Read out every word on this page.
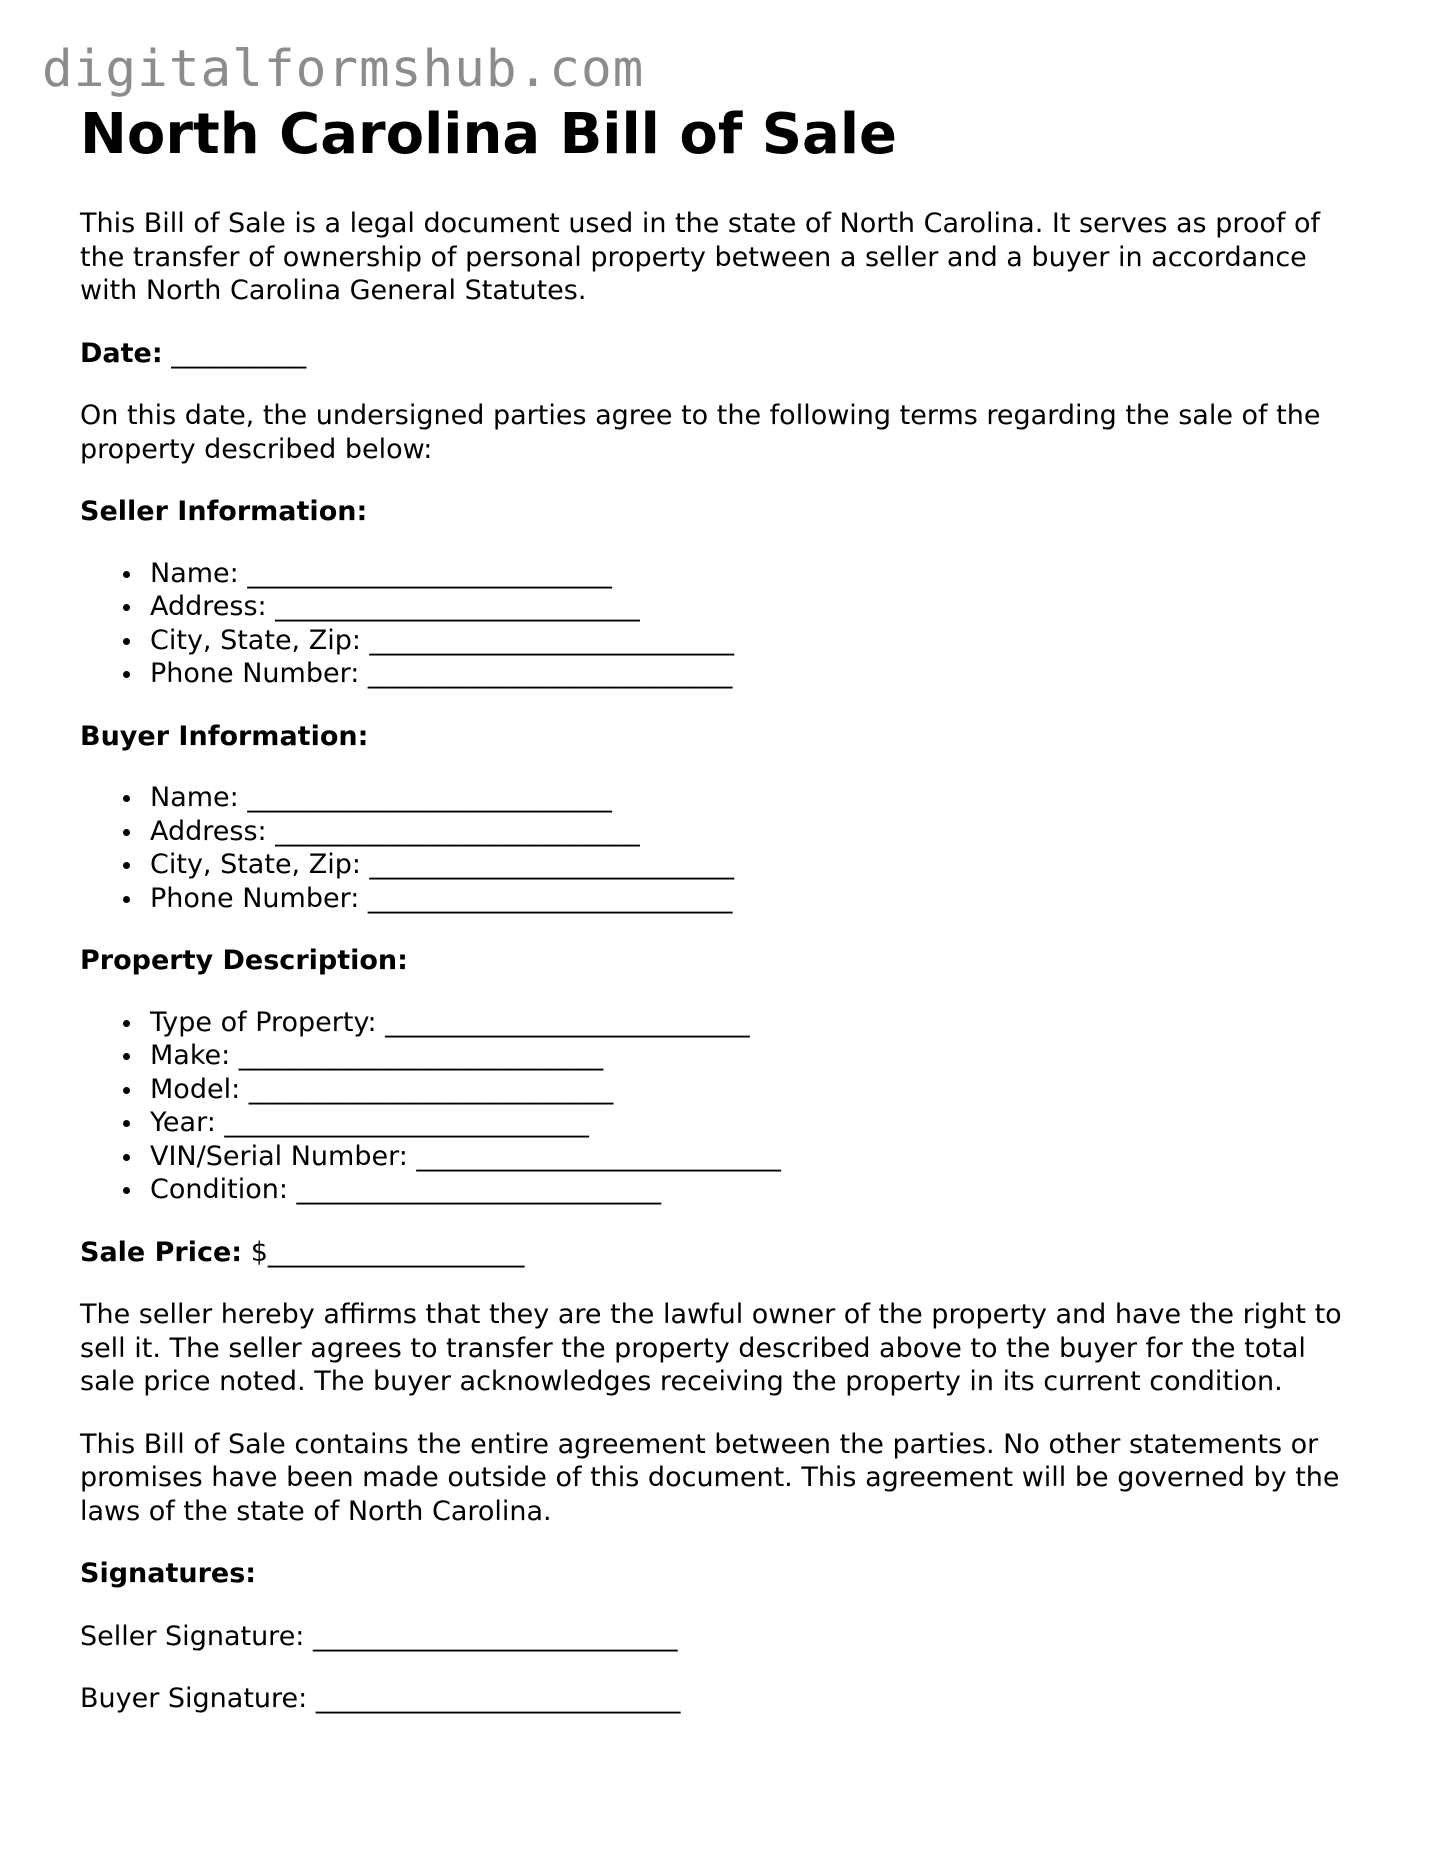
digitalformshub.com
North Carolina Bill of Sale

This Bill of Sale is a legal document used in the state of North Carolina. It serves as proof of the transfer of ownership of personal property between a seller and a buyer in accordance with North Carolina General Statutes.

Date: __________

On this date, the undersigned parties agree to the following terms regarding the sale of the property described below:

Seller Information:
Name: ___________________________
Address: ___________________________
City, State, Zip: ___________________________
Phone Number: ___________________________
Buyer Information:
Name: ___________________________
Address: ___________________________
City, State, Zip: ___________________________
Phone Number: ___________________________
Property Description:
Type of Property: ___________________________
Make: ___________________________
Model: ___________________________
Year: ___________________________
VIN/Serial Number: ___________________________
Condition: ___________________________

Sale Price: $___________________

The seller hereby affirms that they are the lawful owner of the property and have the right to sell it. The seller agrees to transfer the property described above to the buyer for the total sale price noted. The buyer acknowledges receiving the property in its current condition.

This Bill of Sale contains the entire agreement between the parties. No other statements or promises have been made outside of this document. This agreement will be governed by the laws of the state of North Carolina.

Signatures:

Seller Signature: ___________________________

Buyer Signature: ___________________________
